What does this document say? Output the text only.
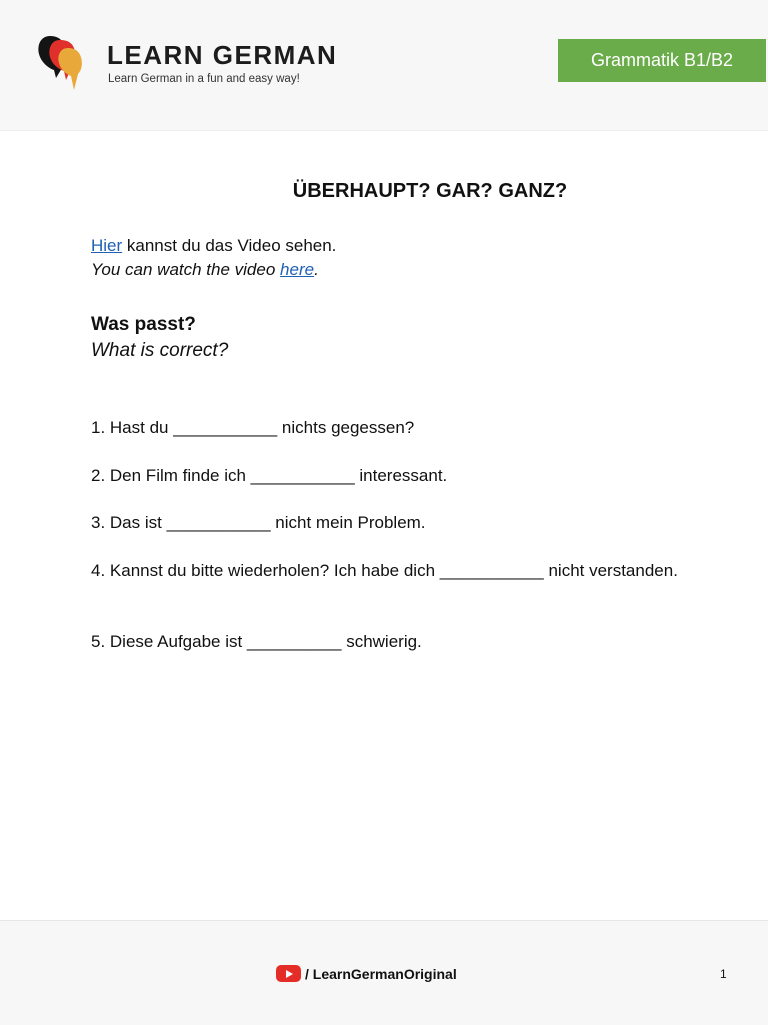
LEARN GERMAN
Learn German in a fun and easy way!
Grammatik B1/B2
ÜBERHAUPT? GAR? GANZ?
Hier kannst du das Video sehen.
You can watch the video here.
Was passt?
What is correct?
1. Hast du ___________ nichts gegessen?
2. Den Film finde ich ___________ interessant.
3. Das ist ___________ nicht mein Problem.
4. Kannst du bitte wiederholen? Ich habe dich ___________ nicht verstanden.
5. Diese Aufgabe ist __________ schwierig.
/ LearnGermanOriginal	1
